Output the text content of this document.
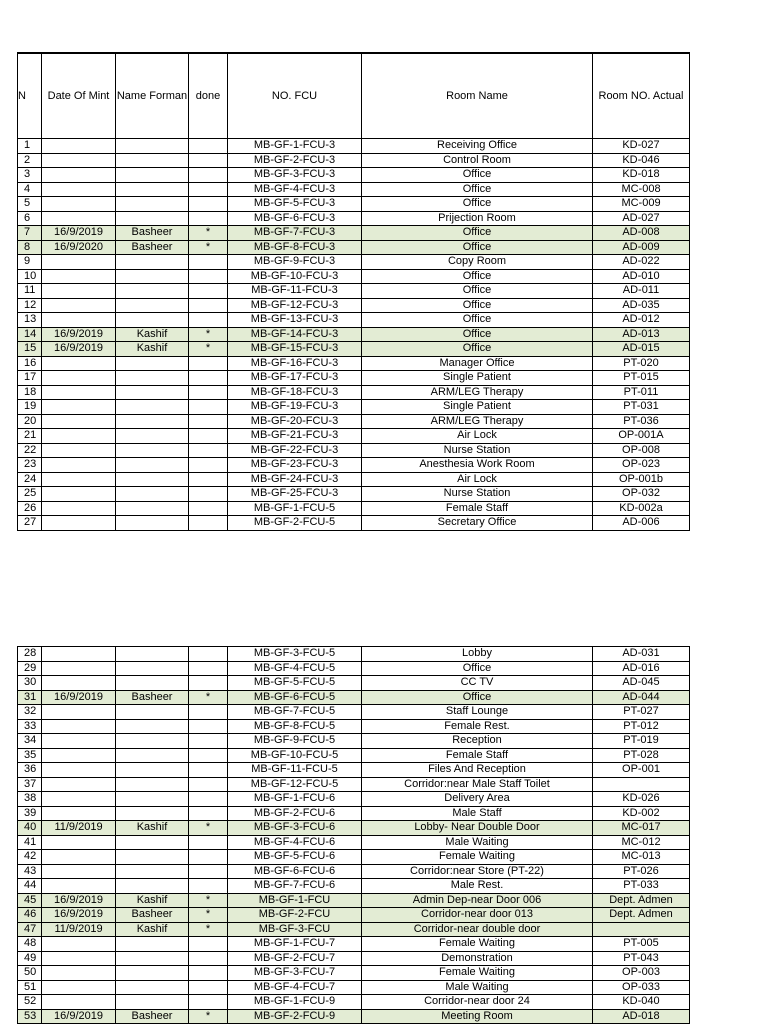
N	Date Of Mint	Name Forman	done	NO. FCU	Room Name	Room NO. Actual
1				MB-GF-1-FCU-3	Receiving Office	KD-027
2				MB-GF-2-FCU-3	Control Room	KD-046
3				MB-GF-3-FCU-3	Office	KD-018
4				MB-GF-4-FCU-3	Office	MC-008
5				MB-GF-5-FCU-3	Office	MC-009
6				MB-GF-6-FCU-3	Prijection Room	AD-027
7	16/9/2019	Basheer	*	MB-GF-7-FCU-3	Office	AD-008
8	16/9/2020	Basheer	*	MB-GF-8-FCU-3	Office	AD-009
9				MB-GF-9-FCU-3	Copy Room	AD-022
10				MB-GF-10-FCU-3	Office	AD-010
11				MB-GF-11-FCU-3	Office	AD-011
12				MB-GF-12-FCU-3	Office	AD-035
13				MB-GF-13-FCU-3	Office	AD-012
14	16/9/2019	Kashif	*	MB-GF-14-FCU-3	Office	AD-013
15	16/9/2019	Kashif	*	MB-GF-15-FCU-3	Office	AD-015
16				MB-GF-16-FCU-3	Manager Office	PT-020
17				MB-GF-17-FCU-3	Single Patient	PT-015
18				MB-GF-18-FCU-3	ARM/LEG Therapy	PT-011
19				MB-GF-19-FCU-3	Single Patient	PT-031
20				MB-GF-20-FCU-3	ARM/LEG Therapy	PT-036
21				MB-GF-21-FCU-3	Air Lock	OP-001A
22				MB-GF-22-FCU-3	Nurse Station	OP-008
23				MB-GF-23-FCU-3	Anesthesia Work Room	OP-023
24				MB-GF-24-FCU-3	Air Lock	OP-001b
25				MB-GF-25-FCU-3	Nurse Station	OP-032
26				MB-GF-1-FCU-5	Female Staff	KD-002a
27				MB-GF-2-FCU-5	Secretary Office	AD-006
28				MB-GF-3-FCU-5	Lobby	AD-031
29				MB-GF-4-FCU-5	Office	AD-016
30				MB-GF-5-FCU-5	CC TV	AD-045
31	16/9/2019	Basheer	*	MB-GF-6-FCU-5	Office	AD-044
32				MB-GF-7-FCU-5	Staff Lounge	PT-027
33				MB-GF-8-FCU-5	Female Rest.	PT-012
34				MB-GF-9-FCU-5	Reception	PT-019
35				MB-GF-10-FCU-5	Female Staff	PT-028
36				MB-GF-11-FCU-5	Files And Reception	OP-001
37				MB-GF-12-FCU-5	Corridor:near Male Staff Toilet	
38				MB-GF-1-FCU-6	Delivery Area	KD-026
39				MB-GF-2-FCU-6	Male Staff	KD-002
40	11/9/2019	Kashif	*	MB-GF-3-FCU-6	Lobby- Near Double Door	MC-017
41				MB-GF-4-FCU-6	Male Waiting	MC-012
42				MB-GF-5-FCU-6	Female Waiting	MC-013
43				MB-GF-6-FCU-6	Corridor:near Store (PT-22)	PT-026
44				MB-GF-7-FCU-6	Male Rest.	PT-033
45	16/9/2019	Kashif	*	MB-GF-1-FCU	Admin Dep-near Door 006	Dept. Admen
46	16/9/2019	Basheer	*	MB-GF-2-FCU	Corridor-near door 013	Dept. Admen
47	11/9/2019	Kashif	*	MB-GF-3-FCU	Corridor-near double door	
48				MB-GF-1-FCU-7	Female Waiting	PT-005
49				MB-GF-2-FCU-7	Demonstration	PT-043
50				MB-GF-3-FCU-7	Female Waiting	OP-003
51				MB-GF-4-FCU-7	Male Waiting	OP-033
52				MB-GF-1-FCU-9	Corridor-near door 24	KD-040
53	16/9/2019	Basheer	*	MB-GF-2-FCU-9	Meeting Room	AD-018
